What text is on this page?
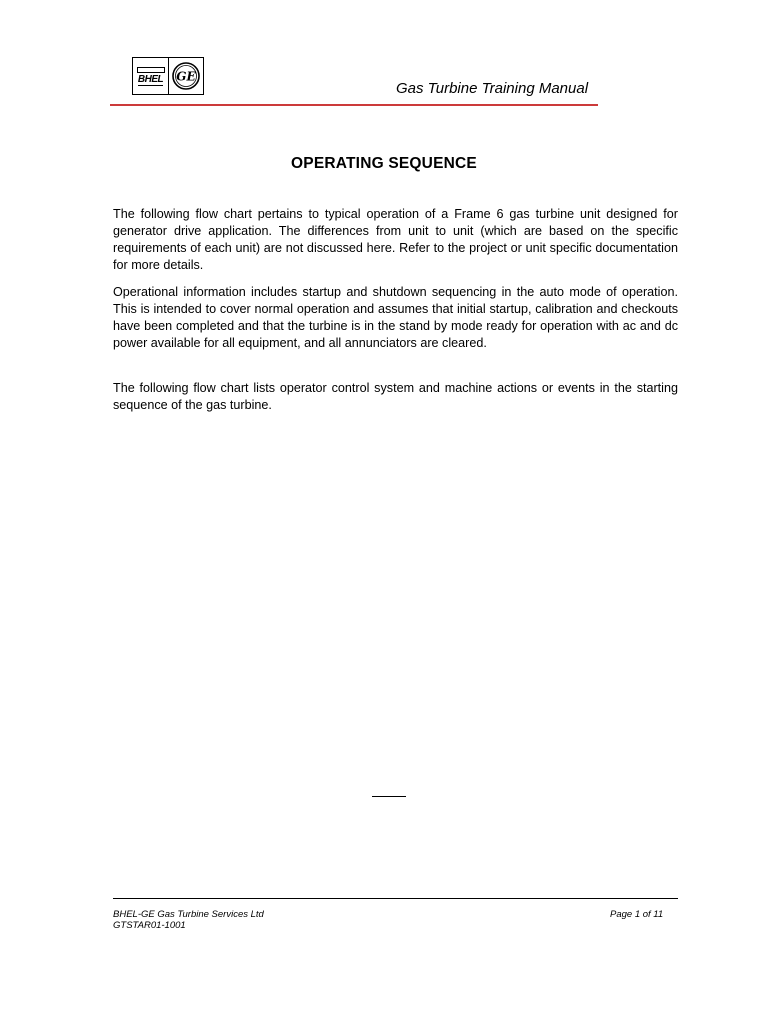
BHEL GE
Gas Turbine Training Manual
OPERATING SEQUENCE

The following flow chart pertains to typical operation of a Frame 6 gas turbine unit designed for generator drive application. The differences from unit to unit (which are based on the specific requirements of each unit) are not discussed here. Refer to the project or unit specific documentation for more details.

Operational information includes startup and shutdown sequencing in the auto mode of operation. This is intended to cover normal operation and assumes that initial startup, calibration and checkouts have been completed and that the turbine is in the stand by mode ready for operation with ac and dc power available for all equipment, and all annunciators are cleared.

The following flow chart lists operator control system and machine actions or events in the starting sequence of the gas turbine.

BHEL-GE Gas Turbine Services Ltd	Page 1 of 11
GTSTAR01-1001
